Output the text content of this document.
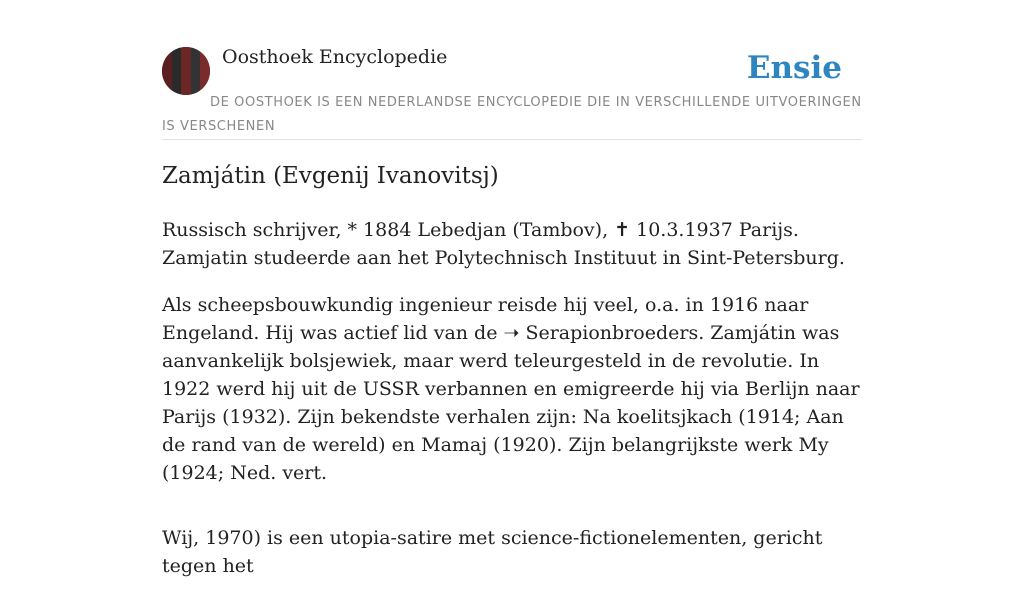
Oosthoek Encyclopedie	Ensie
DE OOSTHOEK IS EEN NEDERLANDSE ENCYCLOPEDIE DIE IN VERSCHILLENDE UITVOERINGEN IS VERSCHENEN
Zamjátin (Evgenij Ivanovitsj)

Russisch schrijver, * 1884 Lebedjan (Tambov), ✝ 10.3.1937 Parijs. Zamjatin studeerde aan het Polytechnisch Instituut in Sint-Petersburg.

Als scheepsbouwkundig ingenieur reisde hij veel, o.a. in 1916 naar Engeland. Hij was actief lid van de ➝ Serapionbroeders. Zamjátin was aanvankelijk bolsjewiek, maar werd teleurgesteld in de revolutie. In 1922 werd hij uit de USSR verbannen en emigreerde hij via Berlijn naar Parijs (1932). Zijn bekendste verhalen zijn: Na koelitsjkach (1914; Aan de rand van de wereld) en Mamaj (1920). Zijn belangrijkste werk My (1924; Ned. vert.

Wij, 1970) is een utopia-satire met science-fictionelementen, gericht tegen het
